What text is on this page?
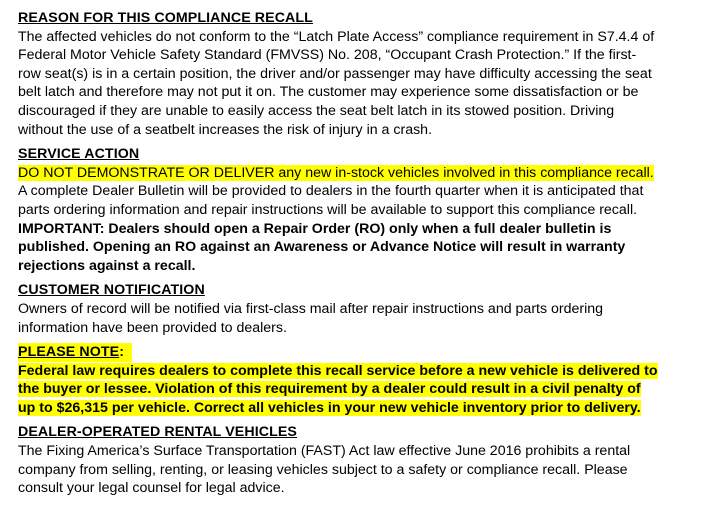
REASON FOR THIS COMPLIANCE RECALL

The affected vehicles do not conform to the “Latch Plate Access” compliance requirement in S7.4.4 of

Federal Motor Vehicle Safety Standard (FMVSS) No. 208, “Occupant Crash Protection.” If the first-

row seat(s) is in a certain position, the driver and/or passenger may have difficulty accessing the seat

belt latch and therefore may not put it on. The customer may experience some dissatisfaction or be

discouraged if they are unable to easily access the seat belt latch in its stowed position. Driving

without the use of a seatbelt increases the risk of injury in a crash.

SERVICE ACTION

DO NOT DEMONSTRATE OR DELIVER any new in-stock vehicles involved in this compliance recall.

A complete Dealer Bulletin will be provided to dealers in the fourth quarter when it is anticipated that

parts ordering information and repair instructions will be available to support this compliance recall.

IMPORTANT: Dealers should open a Repair Order (RO) only when a full dealer bulletin is

published. Opening an RO against an Awareness or Advance Notice will result in warranty

rejections against a recall.

CUSTOMER NOTIFICATION

Owners of record will be notified via first-class mail after repair instructions and parts ordering

information have been provided to dealers.

PLEASE NOTE:

Federal law requires dealers to complete this recall service before a new vehicle is delivered to

the buyer or lessee. Violation of this requirement by a dealer could result in a civil penalty of

up to $26,315 per vehicle. Correct all vehicles in your new vehicle inventory prior to delivery.

DEALER-OPERATED RENTAL VEHICLES

The Fixing America’s Surface Transportation (FAST) Act law effective June 2016 prohibits a rental

company from selling, renting, or leasing vehicles subject to a safety or compliance recall. Please

consult your legal counsel for legal advice.
